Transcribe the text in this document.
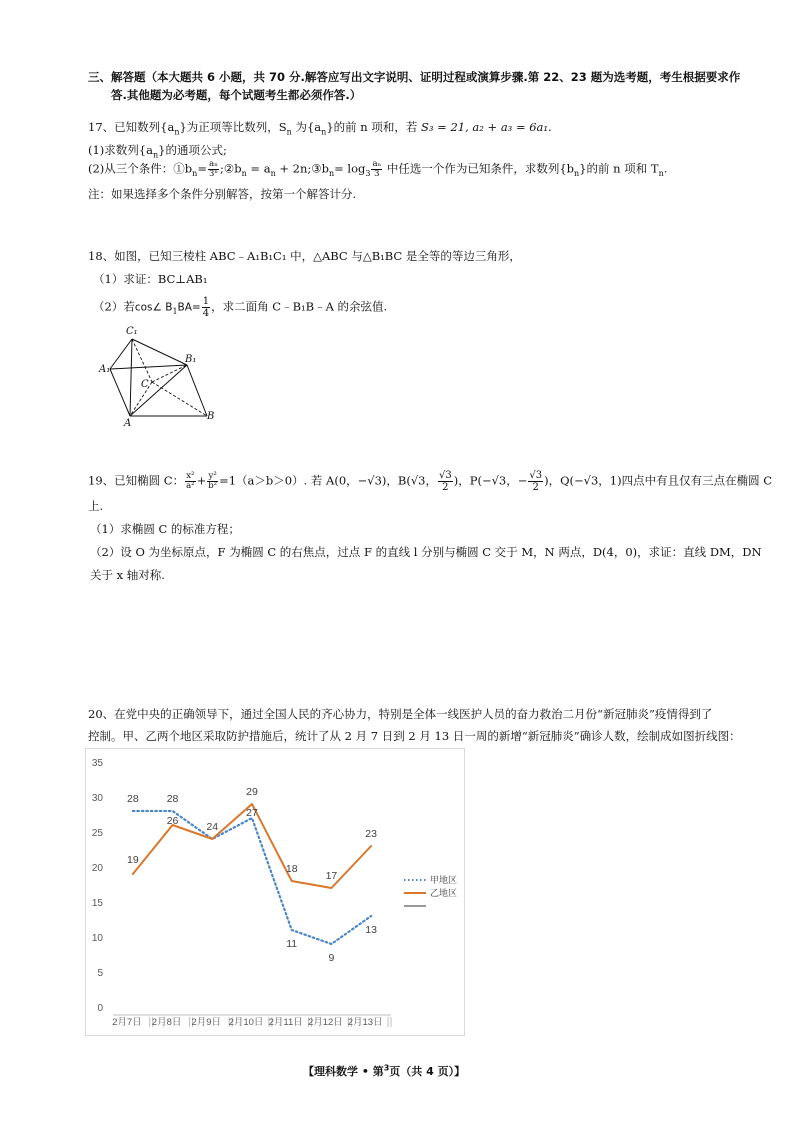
三、解答题（本大题共 6 小题，共 70 分.解答应写出文字说明、证明过程或演算步骤.第 22、23 题为选考题，考生根据要求作
答.其他题为必考题，每个试题考生都必须作答.）
17、已知数列$\{a_n\}$为正项等比数列，$S_n$ 为$\{a_n\}$的前 n 项和，若 S₃ = 21, a₂ + a₃ = 6a₁.
(1)求数列$\{a_n\}$的通项公式;
(2)从三个条件：$①b_n= \frac{\text{aₙ}}{\text{3ⁿ}}$ $;②b_n = a_n$ + $2n;③b_n= \log_3 \frac{\text{aₙ}}{3}$ 中任选一个作为已知条件，求数列$\{b_n\}$的前 n 项和 $T_n$.
注：如果选择多个条件分别解答，按第一个解答计分.
18、如图，已知三棱柱 ABC﹣A₁B₁C₁ 中，△ABC 与△B₁BC 是全等的等边三角形，
（1）求证：BC⊥AB₁
（2）若cos∠ $B_1BA= \frac{1}{4}$ ，求二面角 C﹣B₁B﹣A 的余弦值.
C₁
B₁
A₁
C
A
B
19、已知椭圆 C： $\frac{\text{x²}}{\text{a²}} + \frac{\text{y²}}{\text{b²}} =1(a>b>0)$. 若 A(0，−√3)，B(√3， $\frac{√3}{2}$ )，P(−√3，− $\frac{√3}{2}$ )，Q(−√3，1)四点中有且仅有三点在椭圆 C
上.
（1）求椭圆 C 的标准方程；
（2）设 O 为坐标原点，F 为椭圆 C 的右焦点，过点 F 的直线 l 分别与椭圆 C 交于 M，N 两点，D(4，0)，求证：直线 DM，DN
关于 x 轴对称.
20、在党中央的正确领导下，通过全国人民的齐心协力，特别是全体一线医护人员的奋力救治二月份“新冠肺炎”疫情得到了
控制。甲、乙两个地区采取防护措施后，统计了从 2 月 7 日到 2 月 13 日一周的新增“新冠肺炎”确诊人数，绘制成如图折线图：
0
5
10
15
20
25
30
35
2月7日 2月8日 2月9日 2月10日 2月11日 2月12日 2月13日
28
19
28
26	24
29
27
18
11
17
9
23
13
甲地区
乙地区
【理科数学 • 第$^3$页（共 4 页）】
